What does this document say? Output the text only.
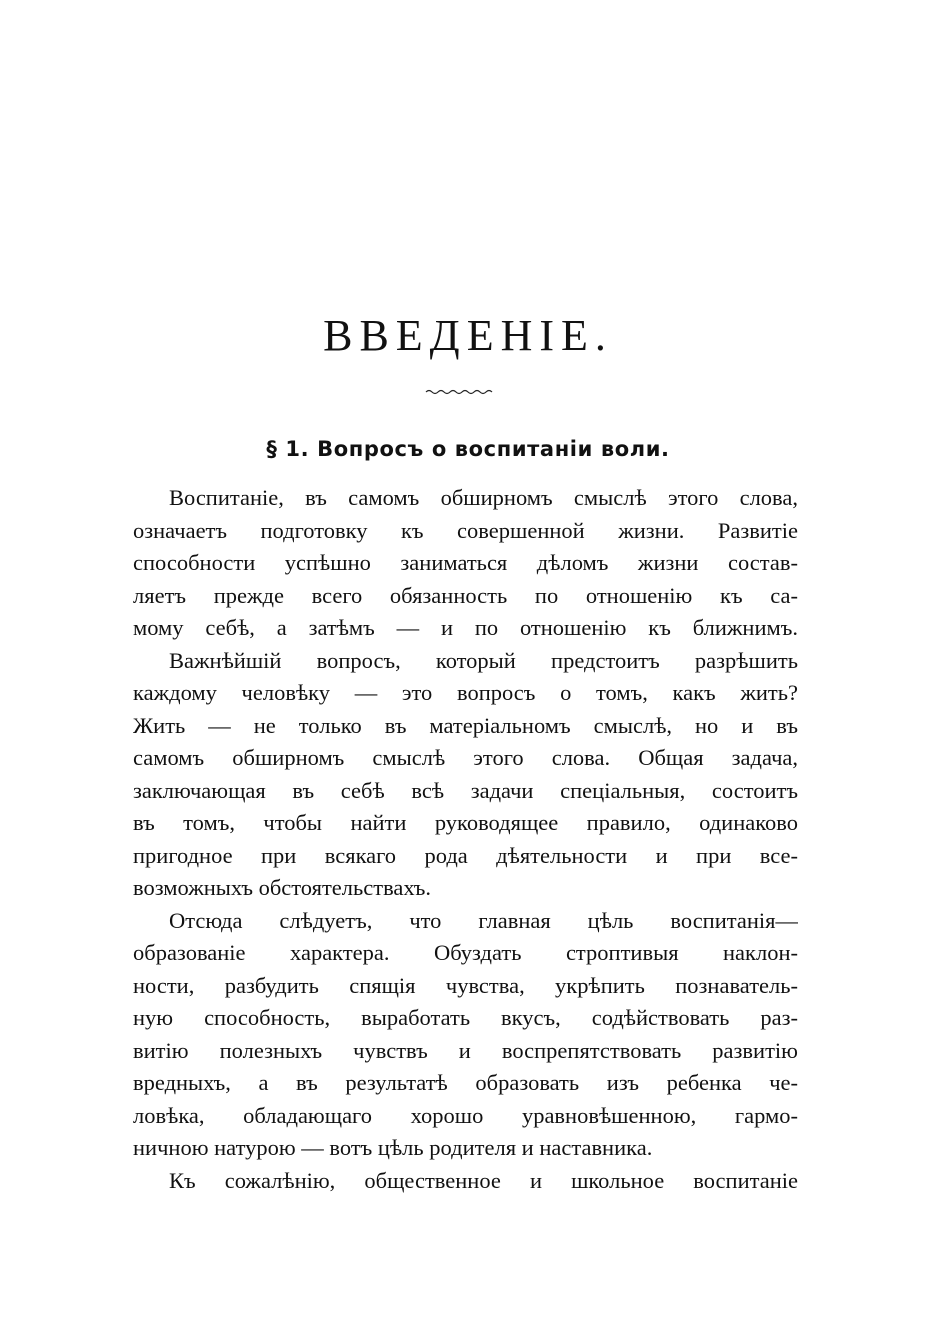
ВВЕДЕНІЕ.
§ 1. Вопросъ о воспитаніи воли.
Воспитаніе, въ самомъ обширномъ смыслѣ этого слова,
означаетъ подготовку къ совершенной жизни. Развитіе
способности успѣшно заниматься дѣломъ жизни состав-
ляетъ прежде всего обязанность по отношенію къ са-
мому себѣ, а затѣмъ — и по отношенію къ ближнимъ.
Важнѣйшій вопросъ, который предстоитъ разрѣшить
каждому человѣку — это вопросъ о томъ, какъ жить?
Жить — не только въ матеріальномъ смыслѣ, но и въ
самомъ обширномъ смыслѣ этого слова. Общая задача,
заключающая въ себѣ всѣ задачи спеціальныя, состоитъ
въ томъ, чтобы найти руководящее правило, одинаково
пригодное при всякаго рода дѣятельности и при все-
возможныхъ обстоятельствахъ.
Отсюда слѣдуетъ, что главная цѣль воспитанія—
образованіе характера. Обуздать строптивыя наклон-
ности, разбудить спящія чувства, укрѣпить познаватель-
ную способность, выработать вкусъ, содѣйствовать раз-
витію полезныхъ чувствъ и воспрепятствовать развитію
вредныхъ, а въ результатѣ образовать изъ ребенка че-
ловѣка, обладающаго хорошо уравновѣшенною, гармо-
ничною натурою — вотъ цѣль родителя и наставника.
Къ сожалѣнію, общественное и школьное воспитаніе
